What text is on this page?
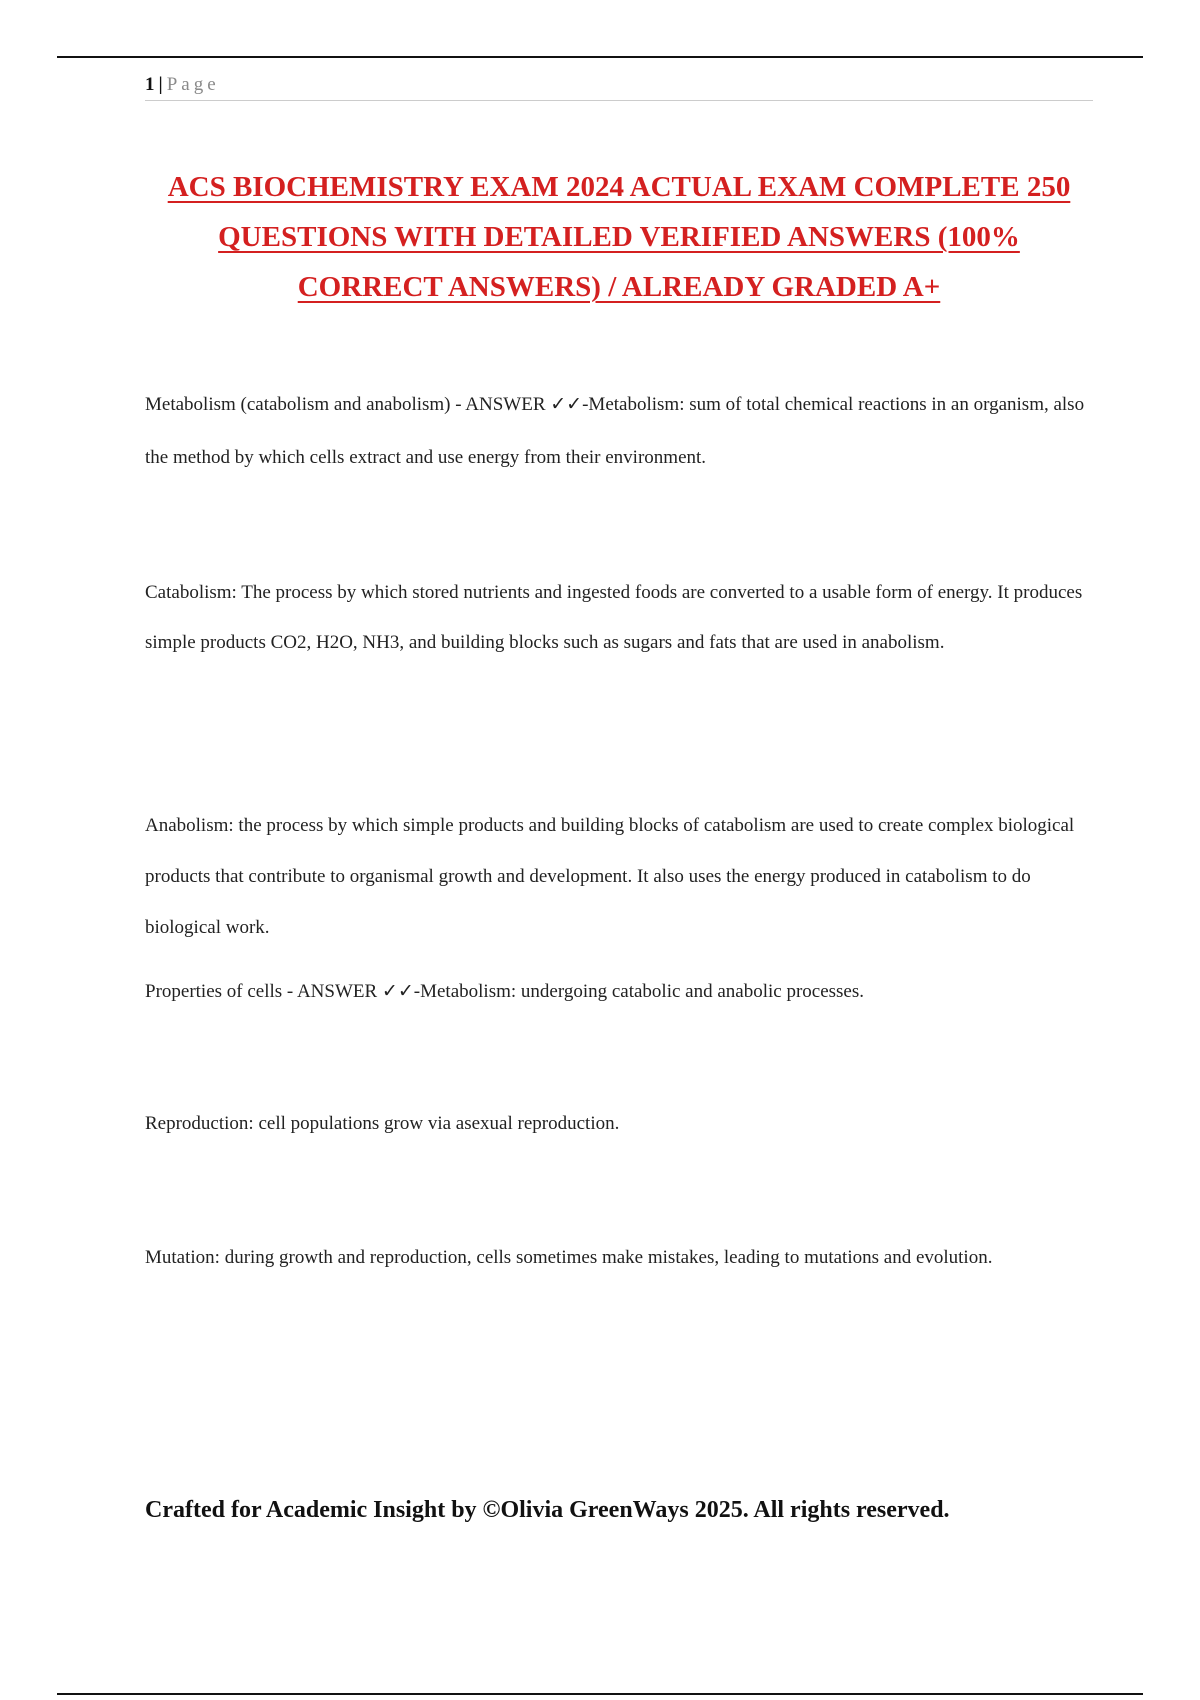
1 | Page
ACS BIOCHEMISTRY EXAM 2024 ACTUAL EXAM COMPLETE 250
QUESTIONS WITH DETAILED VERIFIED ANSWERS (100%
CORRECT ANSWERS) / ALREADY GRADED A+

Metabolism (catabolism and anabolism) - ANSWER ✓✓-Metabolism: sum of total chemical reactions in an organism, also the method by which cells extract and use energy from their environment.

Catabolism: The process by which stored nutrients and ingested foods are converted to a usable form of energy. It produces simple products CO2, H2O, NH3, and building blocks such as sugars and fats that are used in anabolism.

Anabolism: the process by which simple products and building blocks of catabolism are used to create complex biological products that contribute to organismal growth and development. It also uses the energy produced in catabolism to do biological work.

Properties of cells - ANSWER ✓✓-Metabolism: undergoing catabolic and anabolic processes.

Reproduction: cell populations grow via asexual reproduction.

Mutation: during growth and reproduction, cells sometimes make mistakes, leading to mutations and evolution.

Crafted for Academic Insight by ©Olivia GreenWays 2025. All rights reserved.
